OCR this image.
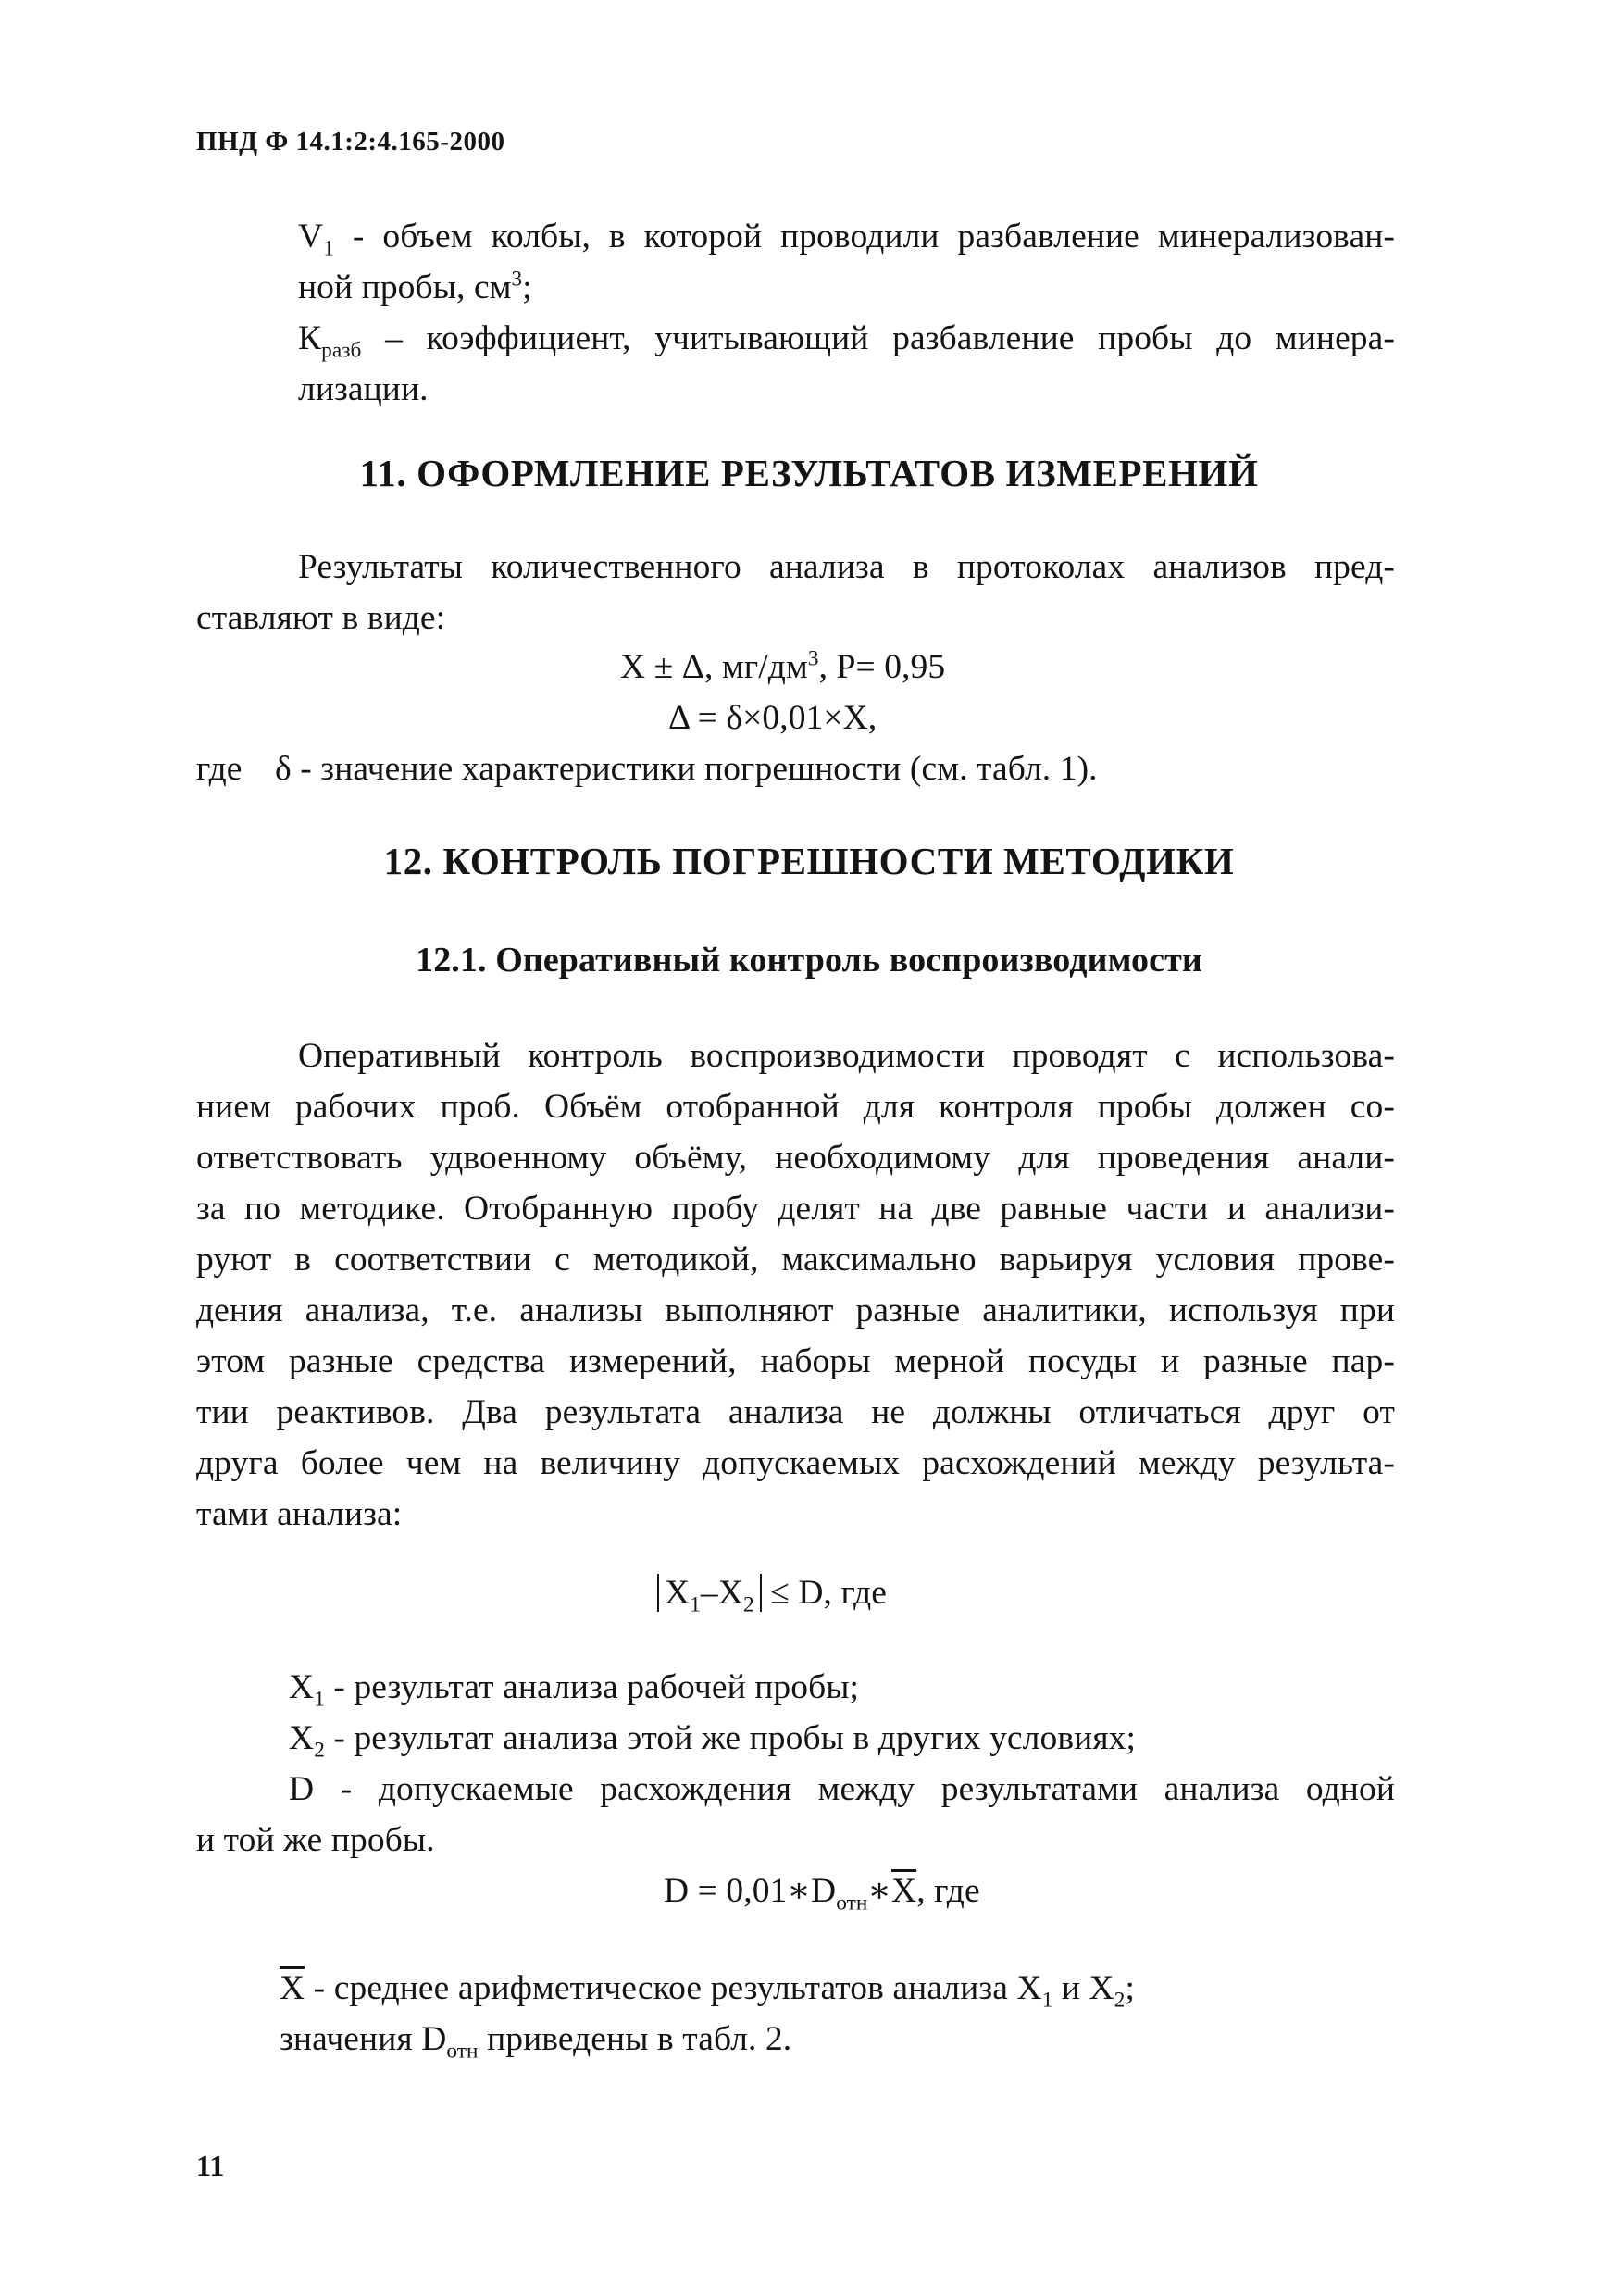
ПНД Ф 14.1:2:4.165-2000
$V_1$ - объем колбы, в которой проводили разбавление минерализован-
ной пробы, $см^3$;
$К_{разб}$ – коэффициент, учитывающий разбавление пробы до минера-
лизации.
11. ОФОРМЛЕНИЕ РЕЗУЛЬТАТОВ ИЗМЕРЕНИЙ
Результаты количественного анализа в протоколах анализов пред-
ставляют в виде:
Х ± Δ, $мг/дм^3$, P= 0,95
Δ = δ×0,01×Х,
где δ - значение характеристики погрешности (см. табл. 1).
12. КОНТРОЛЬ ПОГРЕШНОСТИ МЕТОДИКИ
12.1. Оперативный контроль воспроизводимости
Оперативный контроль воспроизводимости проводят с использова-
нием рабочих проб. Объём отобранной для контроля пробы должен со-
ответствовать удвоенному объёму, необходимому для проведения анали-
за по методике. Отобранную пробу делят на две равные части и анализи-
руют в соответствии с методикой, максимально варьируя условия прове-
дения анализа, т.е. анализы выполняют разные аналитики, используя при
этом разные средства измерений, наборы мерной посуды и разные пар-
тии реактивов. Два результата анализа не должны отличаться друг от
друга более чем на величину допускаемых расхождений между результа-
тами анализа:
$Х_1-Х_2 \le D$, где
$Х_1$ - результат анализа рабочей пробы;
$Х_2$ - результат анализа этой же пробы в других условиях;
D - допускаемые расхождения между результатами анализа одной
и той же пробы.
$D = 0,01∗D_{отн}∗Х$, где
Х - среднее арифметическое результатов анализа $Х_1$ и $Х_2$;
значения $D_{отн}$ приведены в табл. 2.
11
